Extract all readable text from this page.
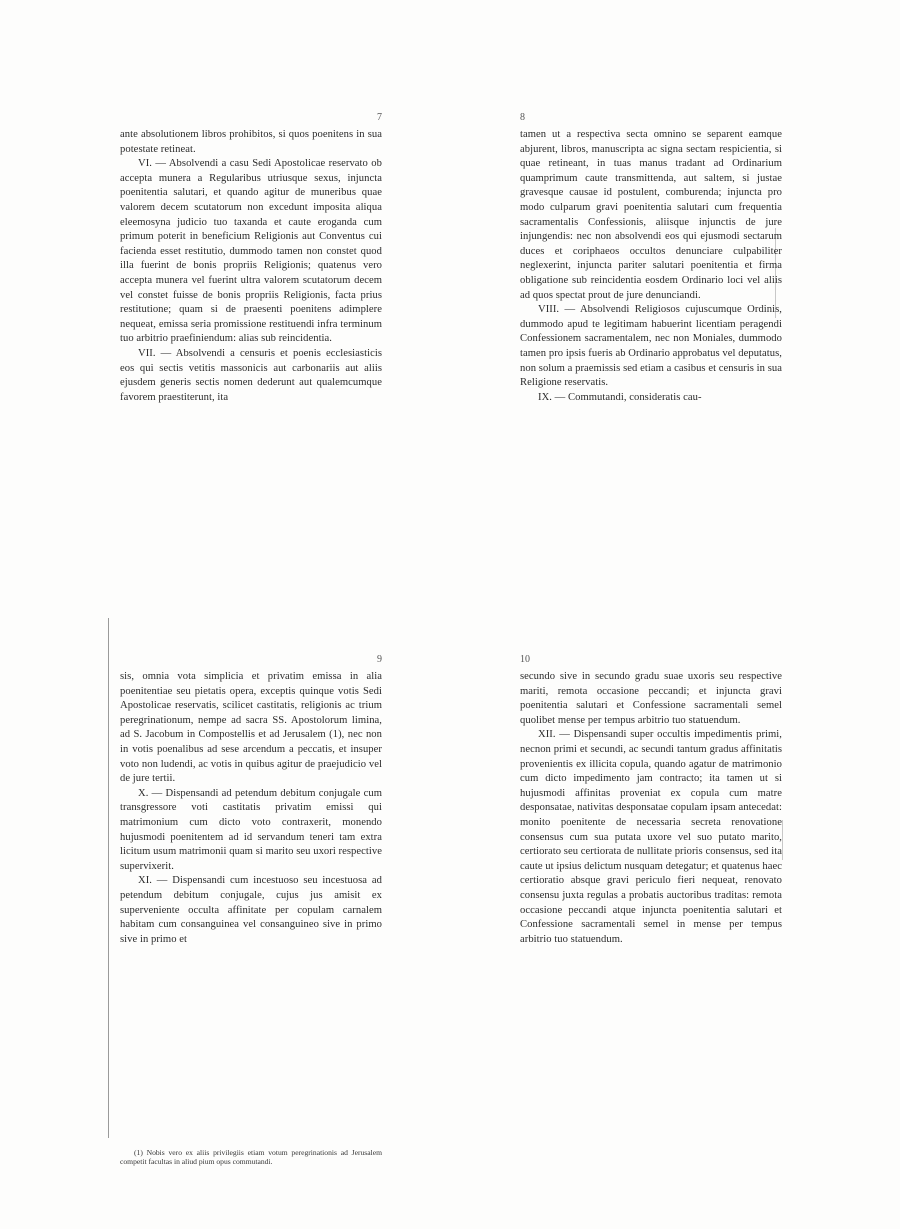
7

ante absolutionem libros prohibitos, si quos poenitens in sua potestate retineat.

VI. — Absolvendi a casu Sedi Apostolicae reservato ob accepta munera a Regularibus utriusque sexus, injuncta poenitentia salutari, et quando agitur de muneribus quae valorem decem scutatorum non excedunt imposita aliqua eleemosyna judicio tuo taxanda et caute eroganda cum primum poterit in beneficium Religionis aut Conventus cui facienda esset restitutio, dummodo tamen non constet quod illa fuerint de bonis propriis Religionis; quatenus vero accepta munera vel fuerint ultra valorem scutatorum decem vel constet fuisse de bonis propriis Religionis, facta prius restitutione; quam si de praesenti poenitens adimplere nequeat, emissa seria promissione restituendi infra terminum tuo arbitrio praefiniendum: alias sub reincidentia.

VII. — Absolvendi a censuris et poenis ecclesiasticis eos qui sectis vetitis massonicis aut carbonariis aut aliis ejusdem generis sectis nomen dederunt aut qualemcumque favorem praestiterunt, ita

8

tamen ut a respectiva secta omnino se separent eamque abjurent, libros, manuscripta ac signa sectam respicientia, si quae retineant, in tuas manus tradant ad Ordinarium quamprimum caute transmittenda, aut saltem, si justae gravesque causae id postulent, comburenda; injuncta pro modo culparum gravi poenitentia salutari cum frequentia sacramentalis Confessionis, aliisque injunctis de jure injungendis: nec non absolvendi eos qui ejusmodi sectarum duces et coriphaeos occultos denunciare culpabiliter neglexerint, injuncta pariter salutari poenitentia et firma obligatione sub reincidentia eosdem Ordinario loci vel aliis ad quos spectat prout de jure denunciandi.

VIII. — Absolvendi Religiosos cujuscumque Ordinis, dummodo apud te legitimam habuerint licentiam peragendi Confessionem sacramentalem, nec non Moniales, dummodo tamen pro ipsis fueris ab Ordinario approbatus vel deputatus, non solum a praemissis sed etiam a casibus et censuris in sua Religione reservatis.

IX. — Commutandi, consideratis cau-

9

sis, omnia vota simplicia et privatim emissa in alia poenitentiae seu pietatis opera, exceptis quinque votis Sedi Apostolicae reservatis, scilicet castitatis, religionis ac trium peregrinationum, nempe ad sacra SS. Apostolorum limina, ad S. Jacobum in Compostellis et ad Jerusalem (1), nec non in votis poenalibus ad sese arcendum a peccatis, et insuper voto non ludendi, ac votis in quibus agitur de praejudicio vel de jure tertii.

X. — Dispensandi ad petendum debitum conjugale cum transgressore voti castitatis privatim emissi qui matrimonium cum dicto voto contraxerit, monendo hujusmodi poenitentem ad id servandum teneri tam extra licitum usum matrimonii quam si marito seu uxori respective supervixerit.

XI. — Dispensandi cum incestuoso seu incestuosa ad petendum debitum conjugale, cujus jus amisit ex superveniente occulta affinitate per copulam carnalem habitam cum consanguinea vel consanguineo sive in primo sive in primo et

(1) Nobis vero ex aliis privilegiis etiam votum peregrinationis ad Jerusalem competit facultas in aliud pium opus commutandi.
10

secundo sive in secundo gradu suae uxoris seu respective mariti, remota occasione peccandi; et injuncta gravi poenitentia salutari et Confessione sacramentali semel quolibet mense per tempus arbitrio tuo statuendum.

XII. — Dispensandi super occultis impedimentis primi, necnon primi et secundi, ac secundi tantum gradus affinitatis provenientis ex illicita copula, quando agatur de matrimonio cum dicto impedimento jam contracto; ita tamen ut si hujusmodi affinitas proveniat ex copula cum matre desponsatae, nativitas desponsatae copulam ipsam antecedat: monito poenitente de necessaria secreta renovatione consensus cum sua putata uxore vel suo putato marito, certiorato seu certiorata de nullitate prioris consensus, sed ita caute ut ipsius delictum nusquam detegatur; et quatenus haec certioratio absque gravi periculo fieri nequeat, renovato consensu juxta regulas a probatis auctoribus traditas: remota occasione peccandi atque injuncta poenitentia salutari et Confessione sacramentali semel in mense per tempus arbitrio tuo statuendum.
